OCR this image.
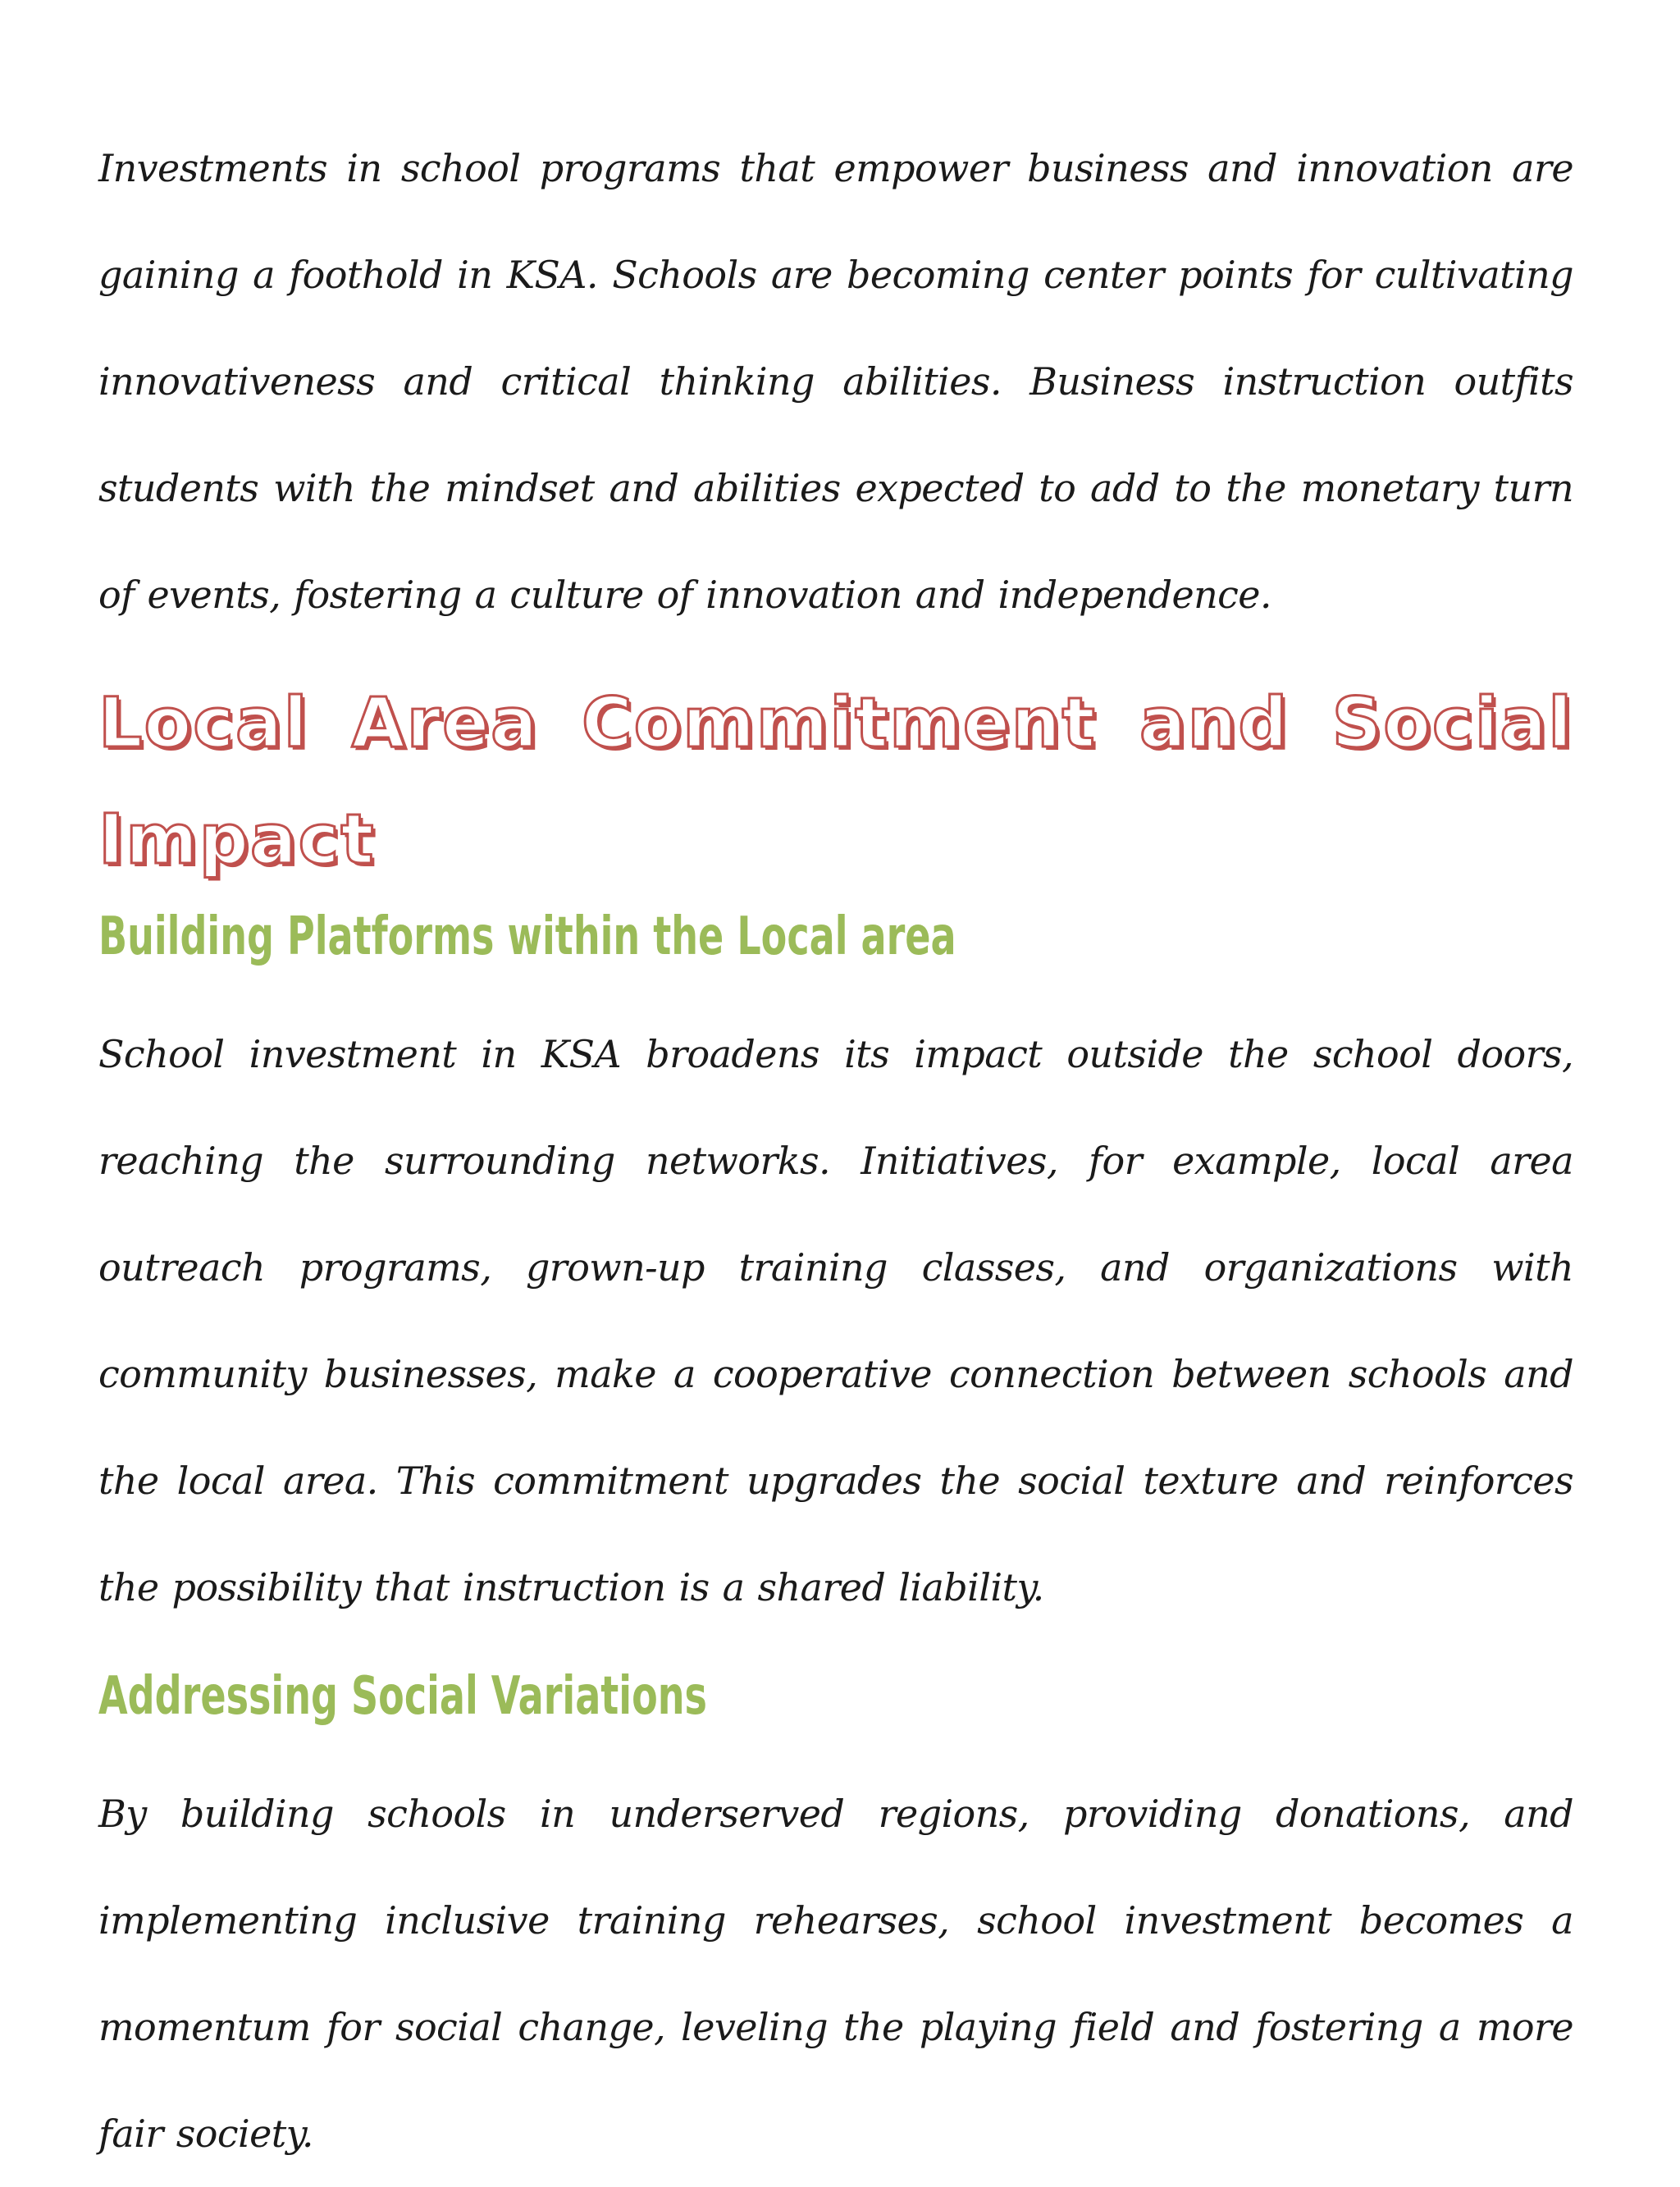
Investments in school programs that empower business and innovation are gaining a foothold in KSA. Schools are becoming center points for cultivating innovativeness and critical thinking abilities. Business instruction outfits students with the mindset and abilities expected to add to the monetary turn of events, fostering a culture of innovation and independence.

Local Area Commitment and Social Impact
Building Platforms within the Local area

School investment in KSA broadens its impact outside the school doors, reaching the surrounding networks. Initiatives, for example, local area outreach programs, grown-up training classes, and organizations with community businesses, make a cooperative connection between schools and the local area. This commitment upgrades the social texture and reinforces the possibility that instruction is a shared liability.

Addressing Social Variations

By building schools in underserved regions, providing donations, and implementing inclusive training rehearses, school investment becomes a momentum for social change, leveling the playing field and fostering a more fair society.
